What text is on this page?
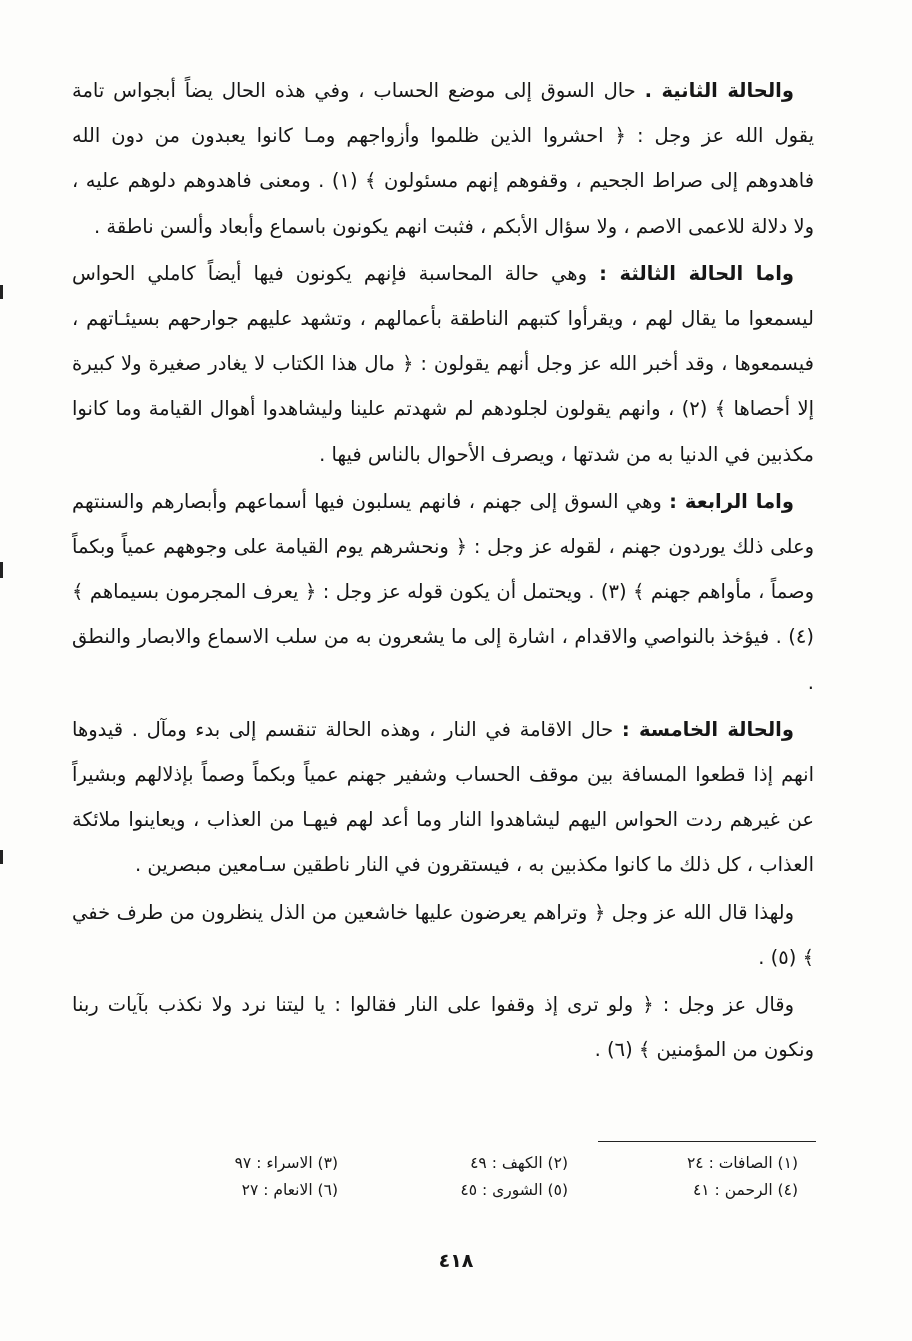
والحالة الثانية . حال السوق إلى موضع الحساب ، وفي هذه الحال يضاً أبجواس تامة يقول الله عز وجل : ﴿ احشروا الذين ظلموا وأزواجهم ومـا كانوا يعبدون من دون الله فاهدوهم إلى صراط الجحيم ، وقفوهم إنهم مسئولون ﴾ (١) . ومعنى فاهدوهم دلوهم عليه ، ولا دلالة للاعمى الاصم ، ولا سؤال الأبكم ، فثبت انهم يكونون باسماع وأبعاد وألسن ناطقة .

واما الحالة الثالثة : وهي حالة المحاسبة فإنهم يكونون فيها أيضاً كاملي الحواس ليسمعوا ما يقال لهم ، ويقرأوا كتبهم الناطقة بأعمالهم ، وتشهد عليهم جوارحهم بسيئـاتهم ، فيسمعوها ، وقد أخبر الله عز وجل أنهم يقولون : ﴿ مال هذا الكتاب لا يغادر صغيرة ولا كبيرة إلا أحصاها ﴾ (٢) ، وانهم يقولون لجلودهم لم شهدتم علينا وليشاهدوا أهوال القيامة وما كانوا مكذبين في الدنيا به من شدتها ، ويصرف الأحوال بالناس فيها .

واما الرابعة : وهي السوق إلى جهنم ، فانهم يسلبون فيها أسماعهم وأبصارهم والسنتهم وعلى ذلك يوردون جهنم ، لقوله عز وجل : ﴿ ونحشرهم يوم القيامة على وجوههم عمياً وبكماً وصماً ، مأواهم جهنم ﴾ (٣) . ويحتمل أن يكون قوله عز وجل : ﴿ يعرف المجرمون بسيماهم ﴾ (٤) . فيؤخذ بالنواصي والاقدام ، اشارة إلى ما يشعرون به من سلب الاسماع والابصار والنطق .

والحالة الخامسة : حال الاقامة في النار ، وهذه الحالة تنقسم إلى بدء ومآل . قيدوها انهم إذا قطعوا المسافة بين موقف الحساب وشفير جهنم عمياً وبكماً وصماً بإذلالهم وبشيراً عن غيرهم ردت الحواس اليهم ليشاهدوا النار وما أعد لهم فيهـا من العذاب ، ويعاينوا ملائكة العذاب ، كل ذلك ما كانوا مكذبين به ، فيستقرون في النار ناطقين سـامعين مبصرين .

ولهذا قال الله عز وجل ﴿ وتراهم يعرضون عليها خاشعين من الذل ينظرون من طرف خفي ﴾ (٥) .

وقال عز وجل : ﴿ ولو ترى إذ وقفوا على النار فقالوا : يا ليتنا نرد ولا نكذب بآيات ربنا ونكون من المؤمنين ﴾ (٦) .

(١) الصافات : ٢٤
(٢) الكهف : ٤٩
(٣) الاسراء : ٩٧
(٤) الرحمن : ٤١
(٥) الشورى : ٤٥
(٦) الانعام : ٢٧
٤١٨
